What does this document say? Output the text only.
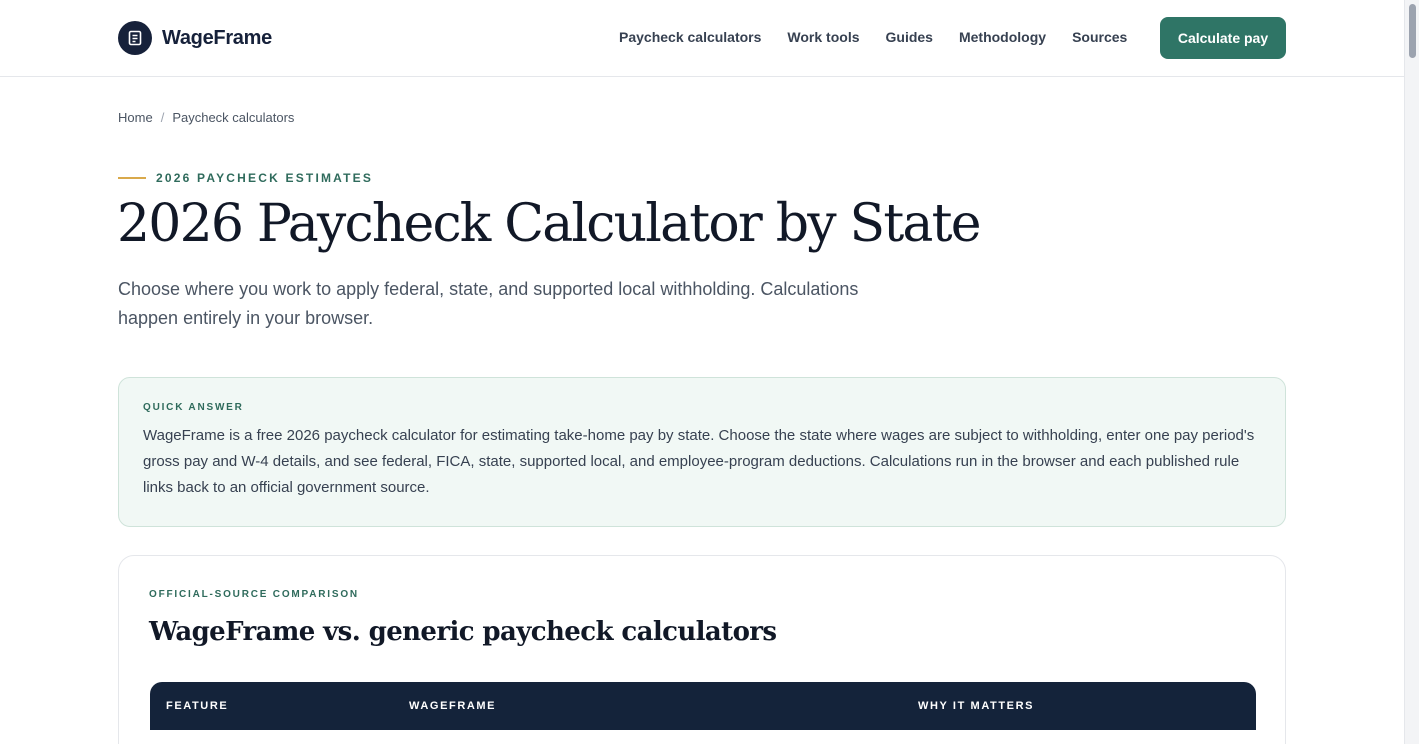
WageFrame	Paycheck calculators Work tools Guides Methodology Sources	Calculate pay
Home / Paycheck calculators
2026 PAYCHECK ESTIMATES
2026 Paycheck Calculator by State

Choose where you work to apply federal, state, and supported local withholding. Calculations happen entirely in your browser.

QUICK ANSWER

WageFrame is a free 2026 paycheck calculator for estimating take-home pay by state. Choose the state where wages are subject to withholding, enter one pay period's gross pay and W-4 details, and see federal, FICA, state, supported local, and employee-program deductions. Calculations run in the browser and each published rule links back to an official government source.

OFFICIAL-SOURCE COMPARISON
WageFrame vs. generic paycheck calculators
FEATURE	WAGEFRAME	WHY IT MATTERS
